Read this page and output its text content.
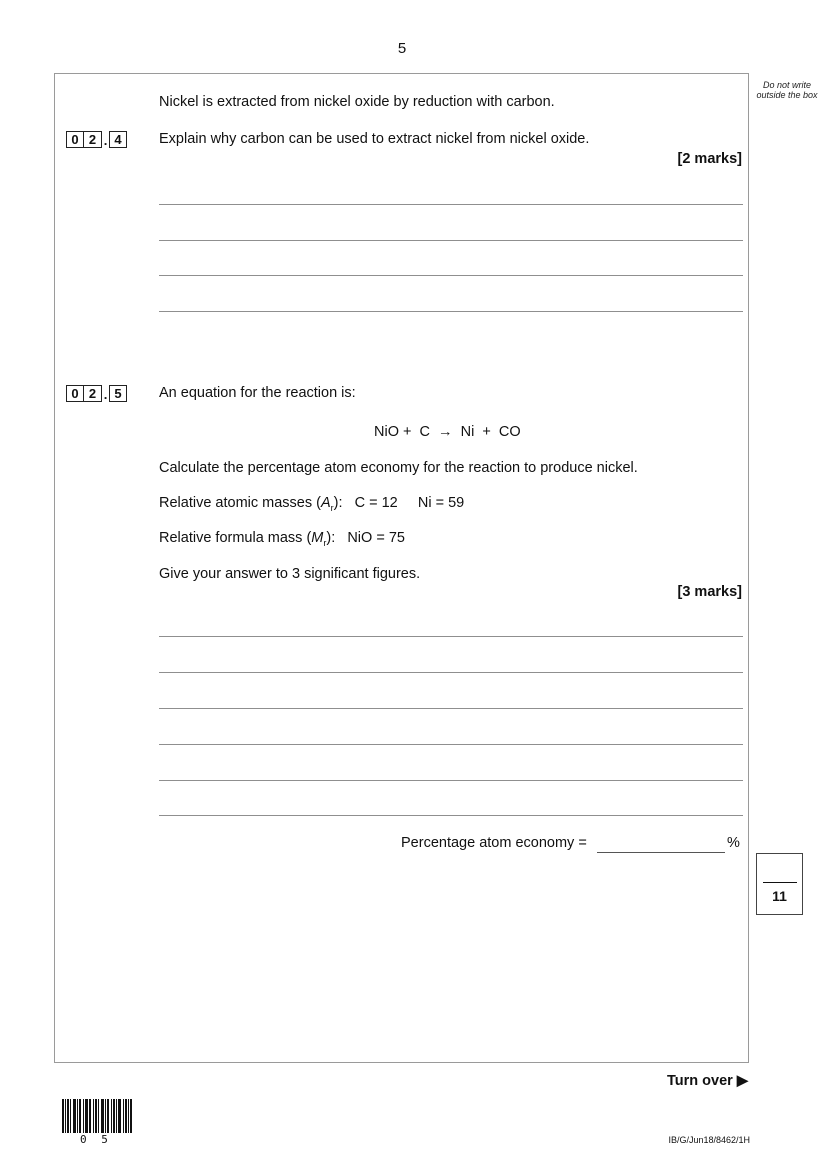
5
Do not write outside the box
Nickel is extracted from nickel oxide by reduction with carbon.
0 2 . 4	Explain why carbon can be used to extract nickel from nickel oxide.
[2 marks]
0 2 . 5	An equation for the reaction is:
NiO +  C  →  Ni  +  CO
Calculate the percentage atom economy for the reaction to produce nickel.
Relative atomic masses $(A_r)$:   C = 12     Ni = 59
Relative formula mass $(M_r)$:   NiO = 75
Give your answer to 3 significant figures.
[3 marks]
Percentage atom economy =	%
11
Turn over ▶
0 5	IB/G/Jun18/8462/1H
